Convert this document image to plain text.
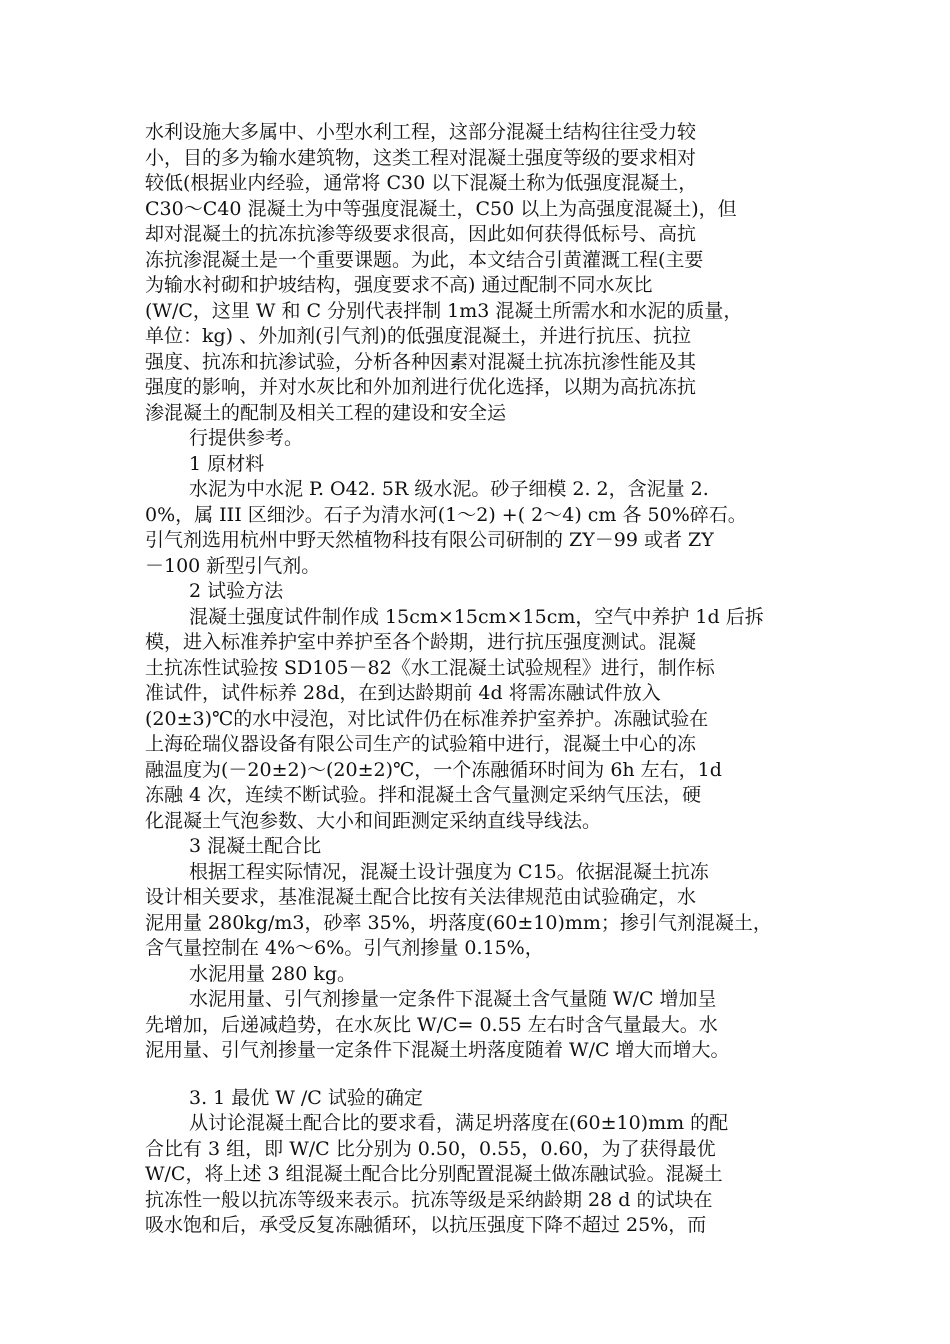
水利设施大多属中、小型水利工程，这部分混凝土结构往往受力较
小，目的多为输水建筑物，这类工程对混凝土强度等级的要求相对
较低(根据业内经验，通常将 C30 以下混凝土称为低强度混凝土，
C30～C40 混凝土为中等强度混凝土，C50 以上为高强度混凝土)，但
却对混凝土的抗冻抗渗等级要求很高，因此如何获得低标号、高抗
冻抗渗混凝土是一个重要课题。为此，本文结合引黄灌溉工程(主要
为输水衬砌和护坡结构，强度要求不高) 通过配制不同水灰比
(W/C，这里 W 和 C 分别代表拌制 1m3 混凝土所需水和水泥的质量，
单位：kg) 、外加剂(引气剂)的低强度混凝土，并进行抗压、抗拉
强度、抗冻和抗渗试验，分析各种因素对混凝土抗冻抗渗性能及其
强度的影响，并对水灰比和外加剂进行优化选择，以期为高抗冻抗
渗混凝土的配制及相关工程的建设和安全运
行提供参考。
1 原材料
水泥为中水泥 P. O42. 5R 级水泥。砂子细模 2. 2，含泥量 2.
0%，属 III 区细沙。石子为清水河(1～2) +( 2～4) cm 各 50%碎石。
引气剂选用杭州中野天然植物科技有限公司研制的 ZY－99 或者 ZY
－100 新型引气剂。
2 试验方法
混凝土强度试件制作成 15cm×15cm×15cm，空气中养护 1d 后拆
模，进入标准养护室中养护至各个龄期，进行抗压强度测试。混凝
土抗冻性试验按 SD105－82《水工混凝土试验规程》进行，制作标
准试件，试件标养 28d，在到达龄期前 4d 将需冻融试件放入
(20±3)℃的水中浸泡，对比试件仍在标准养护室养护。冻融试验在
上海砼瑞仪器设备有限公司生产的试验箱中进行，混凝土中心的冻
融温度为(－20±2)～(20±2)℃，一个冻融循环时间为 6h 左右，1d
冻融 4 次，连续不断试验。拌和混凝土含气量测定采纳气压法，硬
化混凝土气泡参数、大小和间距测定采纳直线导线法。
3 混凝土配合比
根据工程实际情况，混凝土设计强度为 C15。依据混凝土抗冻
设计相关要求，基准混凝土配合比按有关法律规范由试验确定，水
泥用量 280kg/m3，砂率 35%，坍落度(60±10)mm；掺引气剂混凝土，
含气量控制在 4%～6%。引气剂掺量 0.15%，
水泥用量 280 kg。
水泥用量、引气剂掺量一定条件下混凝土含气量随 W/C 增加呈
先增加，后递减趋势，在水灰比 W/C= 0.55 左右时含气量最大。水
泥用量、引气剂掺量一定条件下混凝土坍落度随着 W/C 增大而增大。
3. 1 最优 W /C 试验的确定
从讨论混凝土配合比的要求看，满足坍落度在(60±10)mm 的配
合比有 3 组，即 W/C 比分别为 0.50，0.55，0.60，为了获得最优
W/C，将上述 3 组混凝土配合比分别配置混凝土做冻融试验。混凝土
抗冻性一般以抗冻等级来表示。抗冻等级是采纳龄期 28 d 的试块在
吸水饱和后，承受反复冻融循环，以抗压强度下降不超过 25%，而
